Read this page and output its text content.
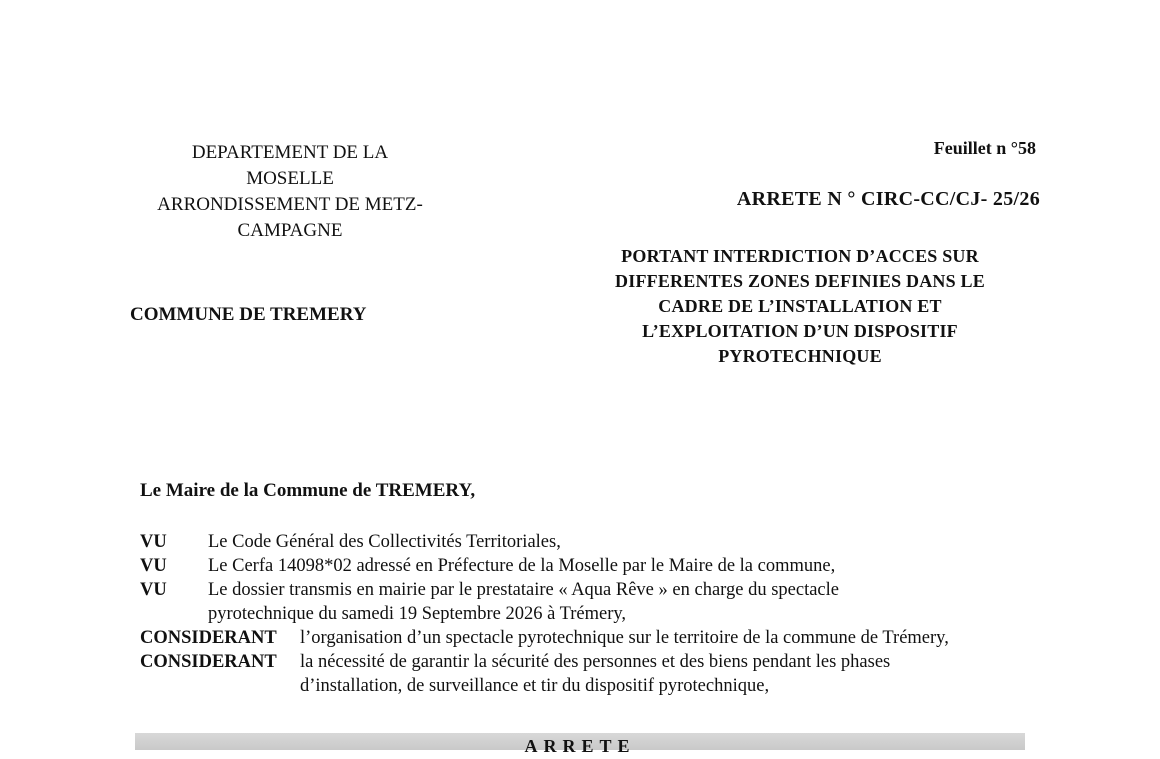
DEPARTEMENT DE LA
MOSELLE
ARRONDISSEMENT DE METZ-
CAMPAGNE
COMMUNE DE TREMERY
Feuillet n °58
ARRETE N ° CIRC-CC/CJ- 25/26
PORTANT INTERDICTION D’ACCES SUR
DIFFERENTES ZONES DEFINIES DANS LE
CADRE DE L’INSTALLATION ET
L’EXPLOITATION D’UN DISPOSITIF
PYROTECHNIQUE
Le Maire de la Commune de TREMERY,
VU Le Code Général des Collectivités Territoriales,
VU Le Cerfa 14098*02 adressé en Préfecture de la Moselle par le Maire de la commune,
VU Le dossier transmis en mairie par le prestataire « Aqua Rêve » en charge du spectacle
pyrotechnique du samedi 19 Septembre 2026 à Trémery,
CONSIDERANT l’organisation d’un spectacle pyrotechnique sur le territoire de la commune de Trémery,
CONSIDERANT la nécessité de garantir la sécurité des personnes et des biens pendant les phases
d’installation, de surveillance et tir du dispositif pyrotechnique,
ARRETE
